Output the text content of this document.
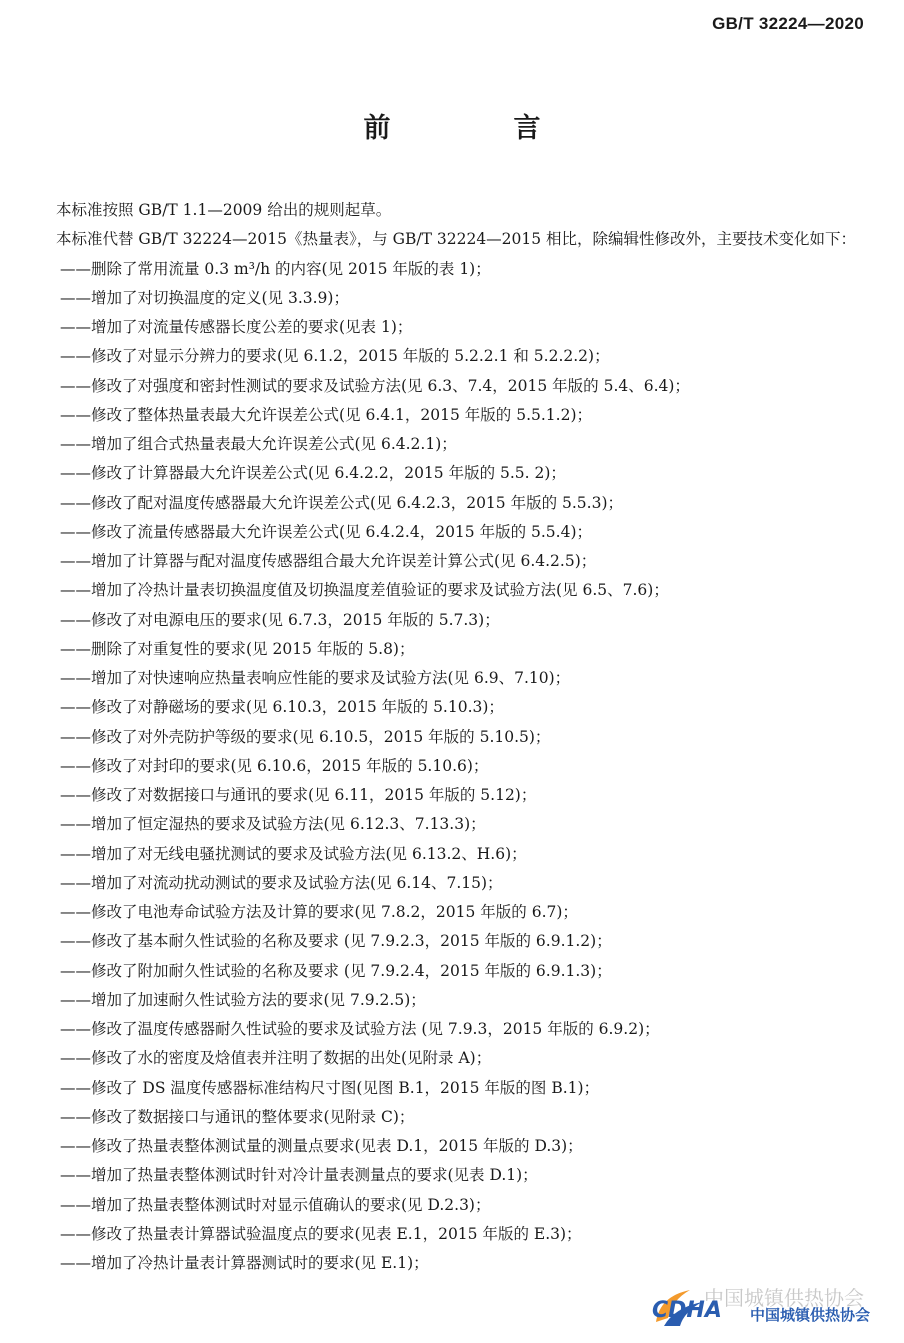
GB/T 32224—2020
前　言

本标准按照 GB/T 1.1—2009 给出的规则起草。

本标准代替 GB/T 32224—2015《热量表》，与 GB/T 32224—2015 相比，除编辑性修改外，主要技术变化如下：

——删除了常用流量 0.3 m³/h 的内容(见 2015 年版的表 1)；
——增加了对切换温度的定义(见 3.3.9)；
——增加了对流量传感器长度公差的要求(见表 1)；
——修改了对显示分辨力的要求(见 6.1.2，2015 年版的 5.2.2.1 和 5.2.2.2)；
——修改了对强度和密封性测试的要求及试验方法(见 6.3、7.4，2015 年版的 5.4、6.4)；
——修改了整体热量表最大允许误差公式(见 6.4.1，2015 年版的 5.5.1.2)；
——增加了组合式热量表最大允许误差公式(见 6.4.2.1)；
——修改了计算器最大允许误差公式(见 6.4.2.2，2015 年版的 5.5. 2)；
——修改了配对温度传感器最大允许误差公式(见 6.4.2.3，2015 年版的 5.5.3)；
——修改了流量传感器最大允许误差公式(见 6.4.2.4，2015 年版的 5.5.4)；
——增加了计算器与配对温度传感器组合最大允许误差计算公式(见 6.4.2.5)；
——增加了冷热计量表切换温度值及切换温度差值验证的要求及试验方法(见 6.5、7.6)；
——修改了对电源电压的要求(见 6.7.3，2015 年版的 5.7.3)；
——删除了对重复性的要求(见 2015 年版的 5.8)；
——增加了对快速响应热量表响应性能的要求及试验方法(见 6.9、7.10)；
——修改了对静磁场的要求(见 6.10.3，2015 年版的 5.10.3)；
——修改了对外壳防护等级的要求(见 6.10.5，2015 年版的 5.10.5)；
——修改了对封印的要求(见 6.10.6，2015 年版的 5.10.6)；
——修改了对数据接口与通讯的要求(见 6.11，2015 年版的 5.12)；
——增加了恒定湿热的要求及试验方法(见 6.12.3、7.13.3)；
——增加了对无线电骚扰测试的要求及试验方法(见 6.13.2、H.6)；
——增加了对流动扰动测试的要求及试验方法(见 6.14、7.15)；
——修改了电池寿命试验方法及计算的要求(见 7.8.2，2015 年版的 6.7)；
——修改了基本耐久性试验的名称及要求 (见 7.9.2.3，2015 年版的 6.9.1.2)；
——修改了附加耐久性试验的名称及要求 (见 7.9.2.4，2015 年版的 6.9.1.3)；
——增加了加速耐久性试验方法的要求(见 7.9.2.5)；
——修改了温度传感器耐久性试验的要求及试验方法 (见 7.9.3，2015 年版的 6.9.2)；
——修改了水的密度及焓值表并注明了数据的出处(见附录 A)；
——修改了 DS 温度传感器标准结构尺寸图(见图 B.1，2015 年版的图 B.1)；
——修改了数据接口与通讯的整体要求(见附录 C)；
——修改了热量表整体测试量的测量点要求(见表 D.1，2015 年版的 D.3)；
——增加了热量表整体测试时针对冷计量表测量点的要求(见表 D.1)；
——增加了热量表整体测试时对显示值确认的要求(见 D.2.3)；
——修改了热量表计算器试验温度点的要求(见表 E.1，2015 年版的 E.3)；
——增加了冷热计量表计算器测试时的要求(见 E.1)；
中国城镇供热协会
CDHA 中国城镇供热协会
